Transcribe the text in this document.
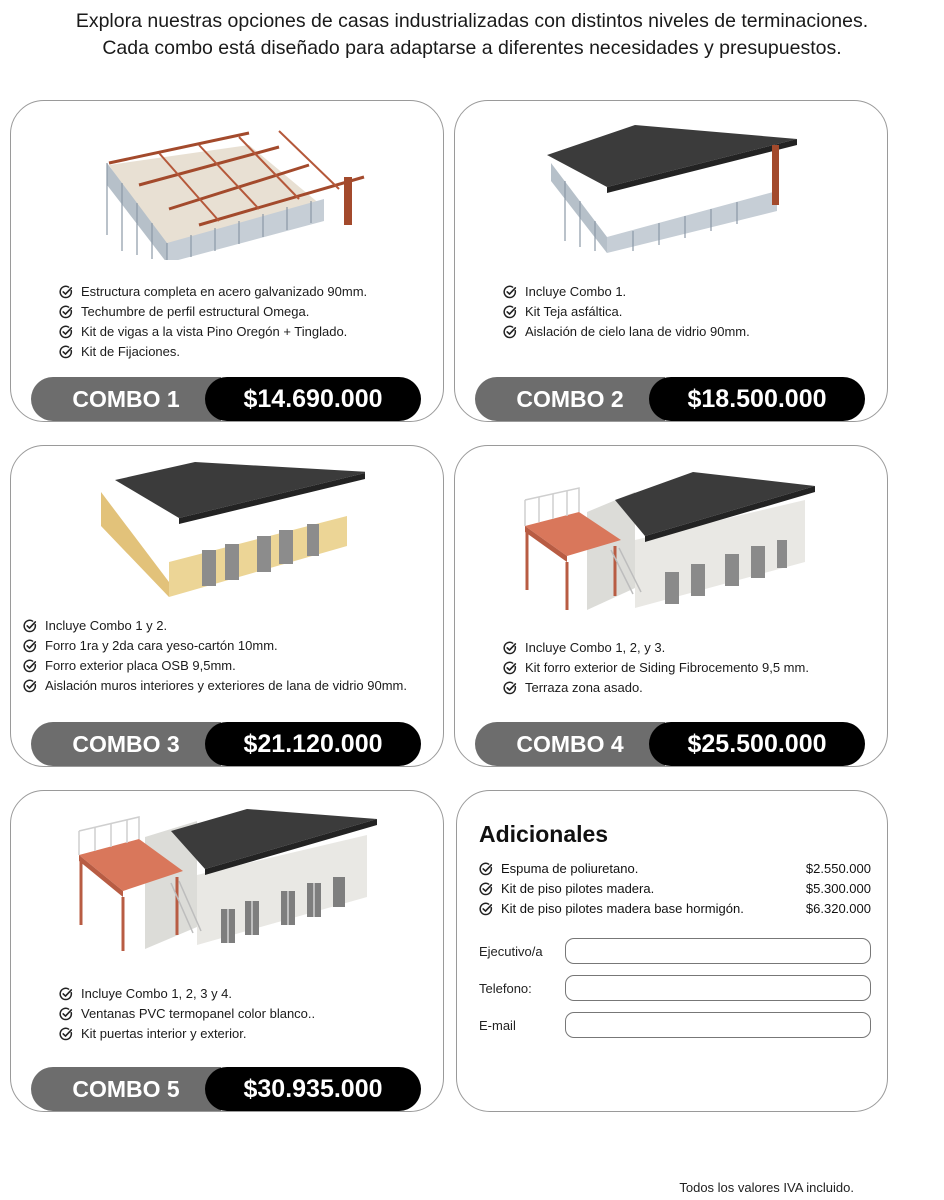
Explora nuestras opciones de casas industrializadas con distintos niveles de terminaciones.
Cada combo está diseñado para adaptarse a diferentes necesidades y presupuestos.
Estructura completa en acero galvanizado 90mm.
Techumbre de perfil estructural Omega.
Kit de vigas a la vista Pino Oregón + Tinglado.
Kit de Fijaciones.
COMBO 1	$14.690.000
Incluye Combo 1.
Kit Teja asfáltica.
Aislación de cielo lana de vidrio 90mm.
COMBO 2	$18.500.000
Incluye Combo 1 y 2.
Forro 1ra y 2da cara yeso-cartón 10mm.
Forro exterior placa OSB 9,5mm.
Aislación muros interiores y exteriores de lana de vidrio 90mm.
COMBO 3	$21.120.000
Incluye Combo 1, 2, y 3.
Kit forro exterior de Siding Fibrocemento 9,5 mm.
Terraza zona asado.
COMBO 4	$25.500.000
Incluye Combo 1, 2, 3 y 4.
Ventanas PVC termopanel color blanco..
Kit puertas interior y exterior.
COMBO 5	$30.935.000
Adicionales
Espuma de poliuretano.	$2.550.000
Kit de piso pilotes madera.	$5.300.000
Kit de piso pilotes madera base hormigón.	$6.320.000
Ejecutivo/a
Telefono:
E-mail
Todos los valores IVA incluido.
